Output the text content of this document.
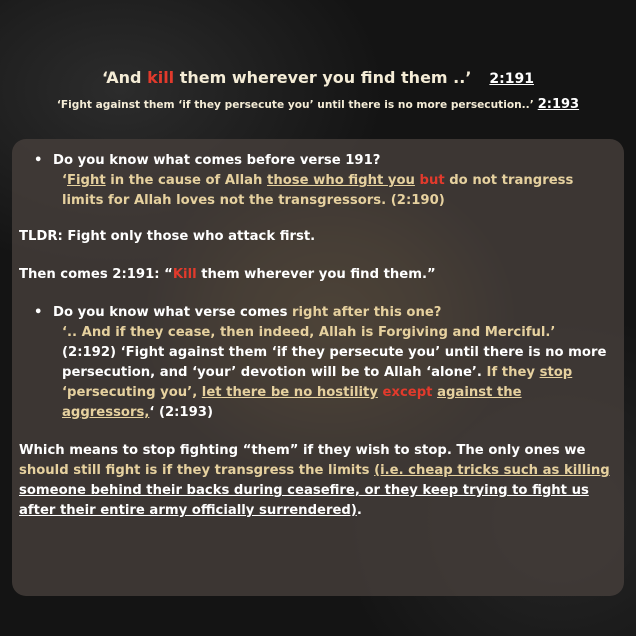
‘And kill them wherever you find them ..’ 2:191
‘Fight against them ‘if they persecute you’ until there is no more persecution..’ 2:193
• Do you know what comes before verse 191?
‘Fight in the cause of Allah those who fight you but do not trangress
limits for Allah loves not the transgressors. (2:190)
TLDR: Fight only those who attack first.
Then comes 2:191: “Kill them wherever you find them.”
• Do you know what verse comes right after this one?
‘.. And if they cease, then indeed, Allah is Forgiving and Merciful.’
(2:192) ‘Fight against them ‘if they persecute you’ until there is no more
persecution, and ‘your’ devotion will be to Allah ‘alone’. If they stop
‘persecuting you’, let there be no hostility except against the
aggressors,‘ (2:193)
Which means to stop fighting “them” if they wish to stop. The only ones we
should still fight is if they transgress the limits (i.e. cheap tricks such as killing
someone behind their backs during ceasefire, or they keep trying to fight us
after their entire army officially surrendered).
